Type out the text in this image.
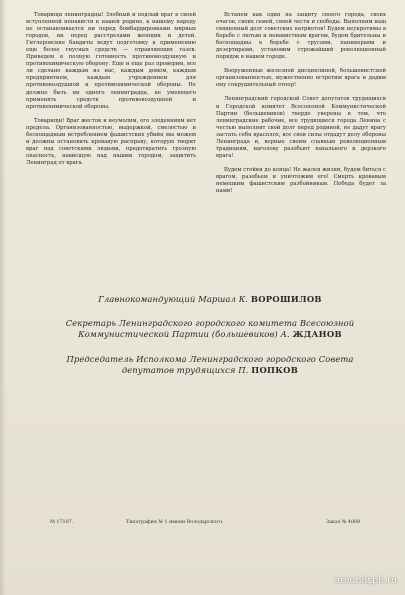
Товарищи ленинградцы! Злобный и подлый враг в своей вступленной ненависти к нашей родине, к нашему народу не останавливается ни перед бомбардировками мирных городов, ни перед расстрелами женщин и детей. Гитлеровские бандиты ведут подготовку к применению еще более гнусных средств — отравляющих газов. Приведем в полную готовность противовоздушную и противохимическую оборону. Еще и еще раз проверим, все ли сделано каждым из нас, каждым домом, каждым предприятием, каждым учреждением для противовоздушной и противохимической обороны. Не должно быть ни одного ленинградца, не умеющего применять средств противовоздушной и противохимической обороны.

Товарищи! Враг жесток и неумолим, его злодеяниям нет предела. Организованностью, выдержкой, смелостью и беспощадным истреблением фашистских убийц мы можем и должны остановить кровавую расправу, которую творит враг над советскими людьми, предотвратить грозную опасность, нависшую над нашим городом, защитить Ленинград от врага.

Встанем как один на защиту своего города, своих очагов, своих семей, своей чести и свободы. Выполним наш священный долг советских патриотов! Будем неукротимы в борьбе с лютым и ненавистным врагом, будем бдительны и беспощадны в борьбе с трусами, паникерами и дезертирами, установим строжайший революционный порядок в нашем городе.

Вооруженные железной дисциплиной, большевистской организованностью, мужественно встретим врага и дадим ему сокрушительный отпор!

Ленинградский городской Совет депутатов трудящихся и Городской комитет Всесоюзной Коммунистической Партии (большевиков) твердо уверены в том, что ленинградские рабочие, все трудящиеся города Ленина с честью выполнят свой долг перед родиной, не дадут врагу застать себя врасплох, все свои силы отдадут делу обороны Ленинграда и, верные своим славным революционным традициям, наголову разобьют нахального и дерзкого врага!

Будем стойки до конца! Не жалея жизни, будем биться с врагом, разобьем и уничтожим его! Смерть кровавым немецким фашистским разбойникам. Победа будет за нами!

Главнокомандующий Маршал К. ВОРОШИЛОВ
Секретарь Ленинградского городского комитета Всесоюзной Коммунистической Партии (большевиков) А. ЖДАНОВ
Председатель Исполкома Ленинградского городского Совета депутатов трудящихся П. ПОПКОВ
М 17107.	Типография № 1 имени Володарского.	Заказ № 4008
aroundspb.ru
